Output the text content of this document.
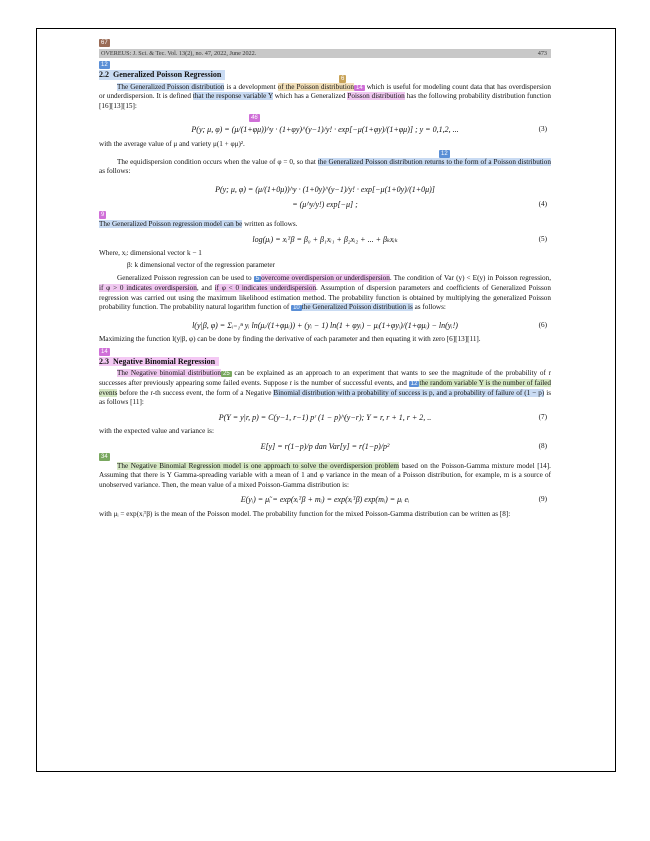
67
OVEREUS: J. Sci. & Tec. Vol. 13(2), no. 47, 2022, June 2022.	473
12
2.2 Generalized Poisson Regression	6

The Generalized Poisson distribution is a development of the Poisson distribution 14 which is useful for modeling count data that has overdispersion or underdispersion. It is defined that the response variable Y which has a Generalized Poisson distribution has the following probability distribution function [16][13][15]:

46
P(y; μ, φ) = (μ/(1+φμ))^y · (1+φy)^(y−1)/y! · exp[−μ(1+φy)/(1+φμ)] ; y = 0,1,2, ...	(3)

with the average value of μ and variety μ(1 + φμ)².

12

The equidispersion condition occurs when the value of φ = 0, so that the Generalized Poisson distribution returns to the form of a Poisson distribution as follows:

P(y; μ, φ) = (μ/(1+0μ))^y · (1+0y)^(y−1)/y! · exp[−μ(1+0y)/(1+0μ)]
= (μ^y/y!) exp[−μ] ;	(4)
9

The Generalized Poisson regression model can be written as follows.

log(μᵢ) = xᵢᵀβ = β₀ + β₁xᵢ₁ + β₂xᵢ₂ + ... + βₖxᵢₖ	(5)

Where, xᵢ: dimensional vector k − 1

β: k dimensional vector of the regression parameter

Generalized Poisson regression can be used to 5 overcome overdispersion or underdispersion. The condition of Var (y) < E(y) in Poisson regression, if φ > 0 indicates overdispersion, and if φ < 0 indicates underdispersion. Assumption of dispersion parameters and coefficients of Generalized Poisson regression was carried out using the maximum likelihood estimation method. The probability function is obtained by multiplying the generalized Poisson probability function. The probability natural logarithm function of 10 the Generalized Poisson distribution is as follows:

l(y|β, φ) = Σᵢ₌₁ⁿ yᵢ ln(μᵢ/(1+φμᵢ)) + (yᵢ − 1) ln(1 + φyᵢ) − μᵢ(1+φyᵢ)/(1+φμᵢ) − ln(yᵢ!)	(6)

Maximizing the function l(y|β, φ) can be done by finding the derivative of each parameter and then equating it with zero [6][13][11].

14
2.3 Negative Binomial Regression

The Negative binomial distribution 25 can be explained as an approach to an experiment that wants to see the magnitude of the probability of r successes after previously appearing some failed events. Suppose r is the number of successful events, and 12 the random variable Y is the number of failed events before the r-th success event, the form of a Negative Binomial distribution with a probability of success is p, and a probability of failure of (1 − p) is as follows [11]:

P(Y = y|r, p) = C(y−1, r−1) pʳ (1 − p)^(y−r); Y = r, r + 1, r + 2, ..	(7)

with the expected value and variance is:

E[y] = r(1−p)/p dan Var[y] = r(1−p)/p²	(8)
34

The Negative Binomial Regression model is one approach to solve the overdispersion problem based on the Poisson-Gamma mixture model [14]. Assuming that there is Y Gamma-spreading variable with a mean of 1 and φ variance in the mean of a Poisson distribution, for example, m is a source of unobserved variance. Then, the mean value of a mixed Poisson-Gamma distribution is:

E(yᵢ) = μ̃ᵢ = exp(xᵢᵀβ + mᵢ) = exp(xᵢᵀβ) exp(mᵢ) = μᵢ eᵢ	(9)

with μᵢ = exp(xᵢᵀβ) is the mean of the Poisson model. The probability function for the mixed Poisson-Gamma distribution can be written as [8]:
